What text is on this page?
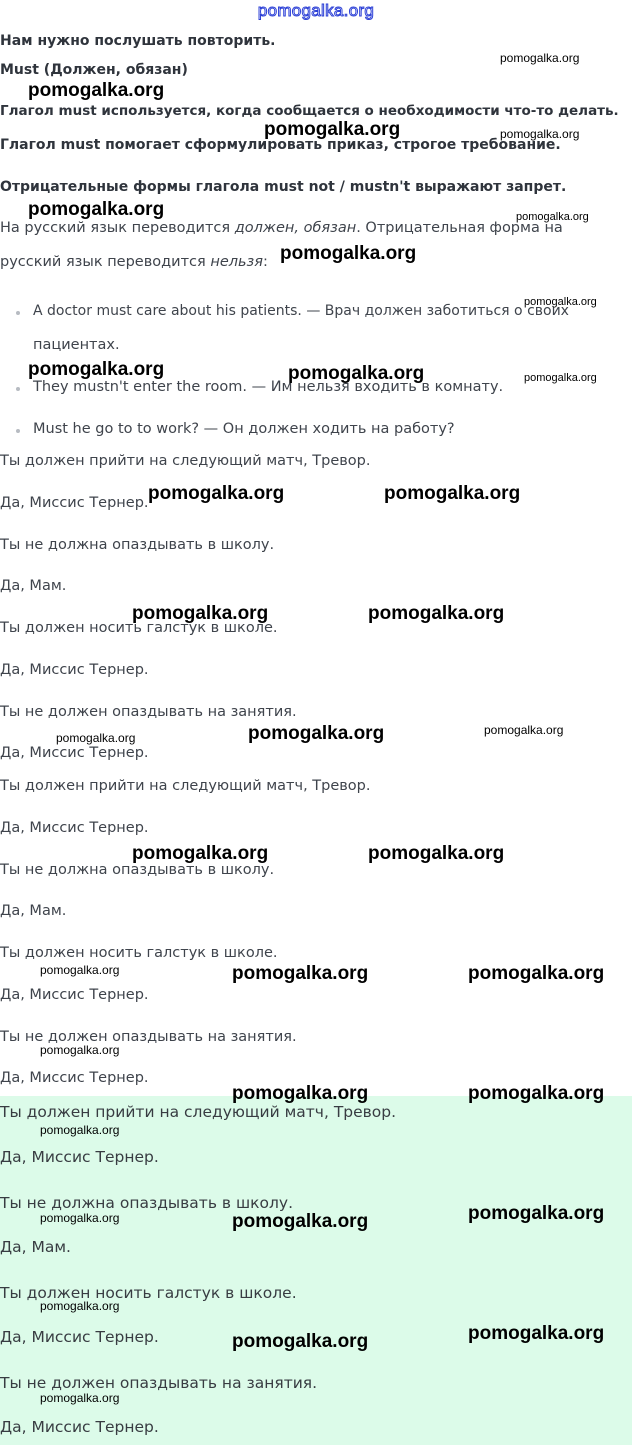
pomogalka.org
Нам нужно послушать повторить.
Must (Должен, обязан)
Глагол must используется, когда сообщается о необходимости что-то делать.
Глагол must помогает сформулировать приказ, строгое требование.
Отрицательные формы глагола must not / mustn't выражают запрет.
На русский язык переводится должен, обязан. Отрицательная форма на
русский язык переводится нельзя:
A doctor must care about his patients. — Врач должен заботиться о своих
пациентах.
They mustn't enter the room. — Им нельзя входить в комнату.
Must he go to to work? — Он должен ходить на работу?
Ты должен прийти на следующий матч, Тревор.
Да, Миссис Тернер.
Ты не должна опаздывать в школу.
Да, Мам.
Ты должен носить галстук в школе.
Да, Миссис Тернер.
Ты не должен опаздывать на занятия.
Да, Миссис Тернер.
Ты должен прийти на следующий матч, Тревор.
Да, Миссис Тернер.
Ты не должна опаздывать в школу.
Да, Мам.
Ты должен носить галстук в школе.
Да, Миссис Тернер.
Ты не должен опаздывать на занятия.
Да, Миссис Тернер.
Ты должен прийти на следующий матч, Тревор.
Да, Миссис Тернер.
Ты не должна опаздывать в школу.
Да, Мам.
Ты должен носить галстук в школе.
Да, Миссис Тернер.
Ты не должен опаздывать на занятия.
Да, Миссис Тернер.
pomogalka.org
pomogalka.org
pomogalka.org	pomogalka.org
pomogalka.org	pomogalka.org
pomogalka.org
pomogalka.org
pomogalka.org	pomogalka.org	pomogalka.org
pomogalka.org	pomogalka.org
pomogalka.org	pomogalka.org
pomogalka.org
pomogalka.org
pomogalka.org
pomogalka.org	pomogalka.org
pomogalka.org	pomogalka.org	pomogalka.org
pomogalka.org
pomogalka.org	pomogalka.org
pomogalka.org
pomogalka.org	pomogalka.org	pomogalka.org
pomogalka.org
pomogalka.org
pomogalka.org
pomogalka.org
